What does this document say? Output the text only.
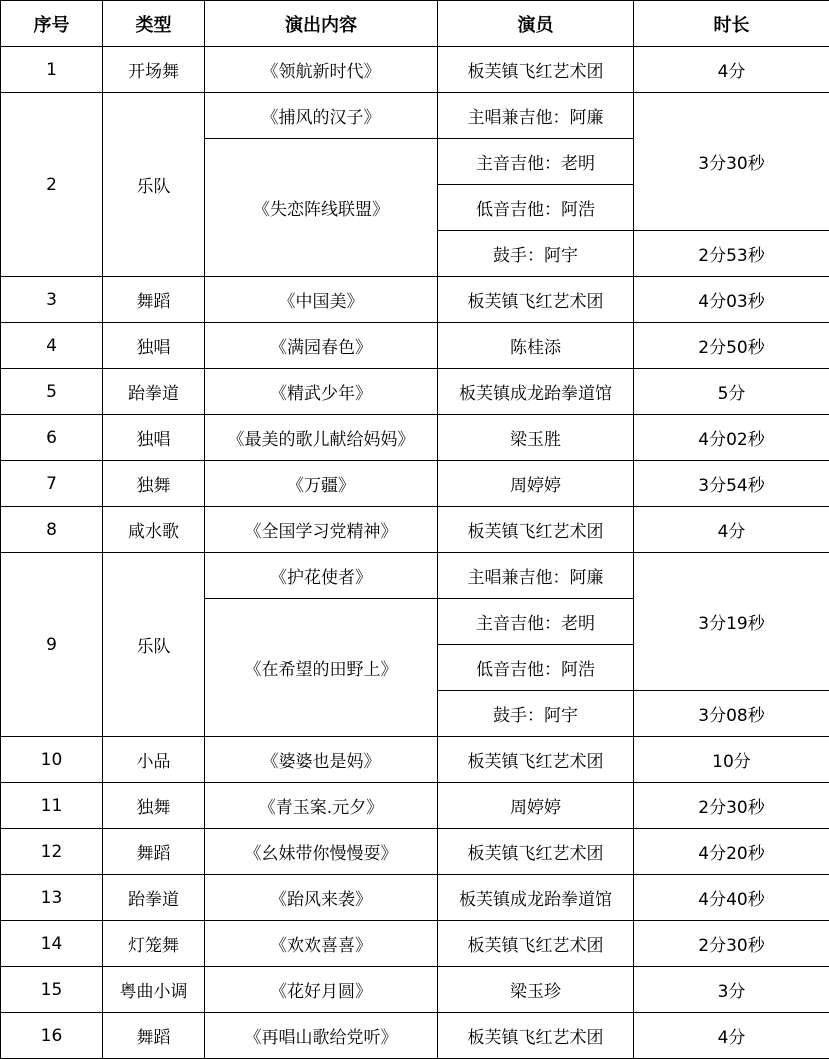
序号	类型	演出内容	演员	时长
1	开场舞	《领航新时代》	板芙镇飞红艺术团	4分
2	乐队	《捕风的汉子》	主唱兼吉他：阿廉	3分30秒
		《失恋阵线联盟》	主音吉他：老明	
			低音吉他：阿浩	
			鼓手：阿宇	2分53秒
3	舞蹈	《中国美》	板芙镇飞红艺术团	4分03秒
4	独唱	《满园春色》	陈桂添	2分50秒
5	跆拳道	《精武少年》	板芙镇成龙跆拳道馆	5分
6	独唱	《最美的歌儿献给妈妈》	梁玉胜	4分02秒
7	独舞	《万疆》	周婷婷	3分54秒
8	咸水歌	《全国学习党精神》	板芙镇飞红艺术团	4分
9	乐队	《护花使者》	主唱兼吉他：阿廉	3分19秒
		《在希望的田野上》	主音吉他：老明	
			低音吉他：阿浩	
			鼓手：阿宇	3分08秒
10	小品	《婆婆也是妈》	板芙镇飞红艺术团	10分
11	独舞	《青玉案.元夕》	周婷婷	2分30秒
12	舞蹈	《幺妹带你慢慢耍》	板芙镇飞红艺术团	4分20秒
13	跆拳道	《跆风来袭》	板芙镇成龙跆拳道馆	4分40秒
14	灯笼舞	《欢欢喜喜》	板芙镇飞红艺术团	2分30秒
15	粤曲小调	《花好月圆》	梁玉珍	3分
16	舞蹈	《再唱山歌给党听》	板芙镇飞红艺术团	4分
